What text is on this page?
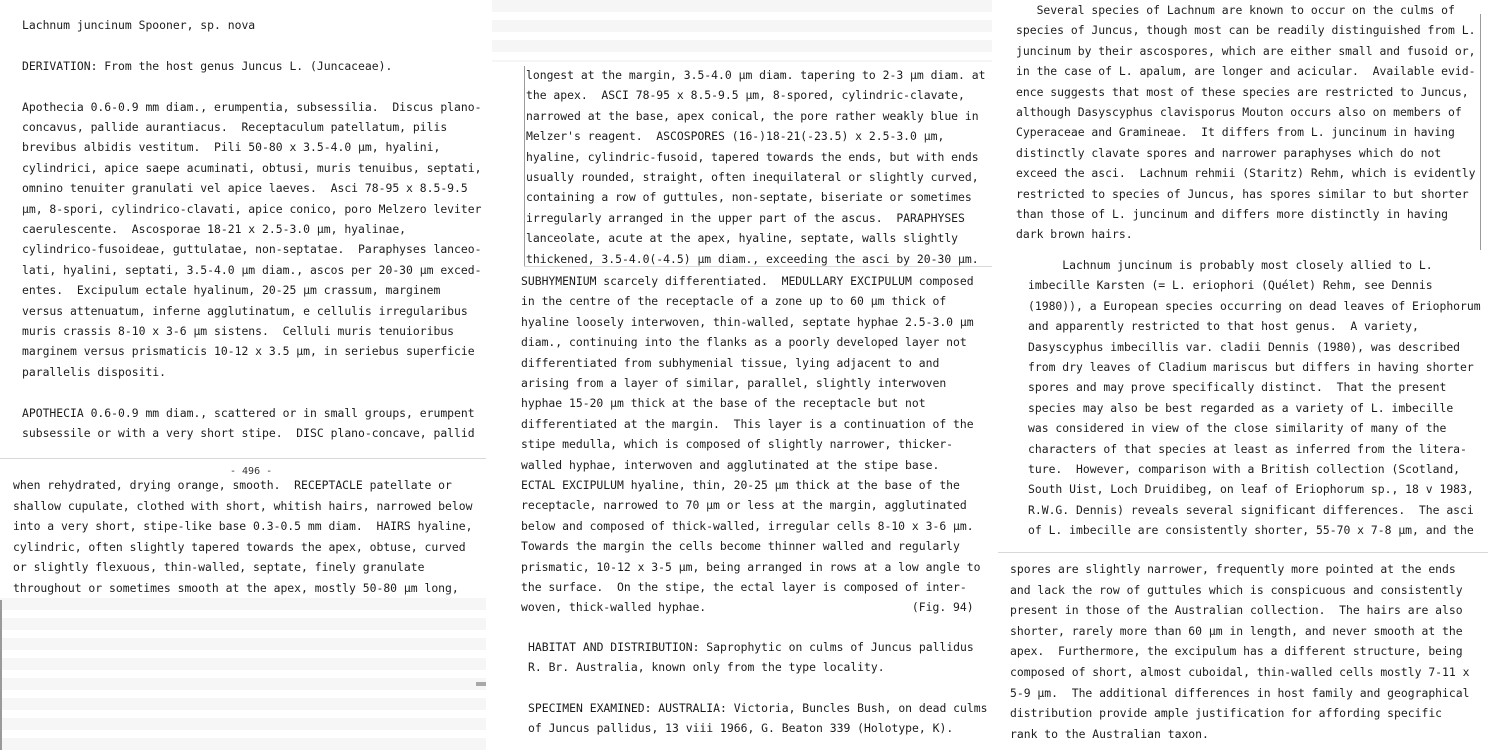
Lachnum juncinum Spooner, sp. nova
DERIVATION: From the host genus Juncus L. (Juncaceae).
Apothecia 0.6-0.9 mm diam., erumpentia, subsessilia.  Discus plano-
concavus, pallide aurantiacus.  Receptaculum patellatum, pilis
brevibus albidis vestitum.  Pili 50-80 x 3.5-4.0 μm, hyalini,
cylindrici, apice saepe acuminati, obtusi, muris tenuibus, septati,
omnino tenuiter granulati vel apice laeves.  Asci 78-95 x 8.5-9.5
μm, 8-spori, cylindrico-clavati, apice conico, poro Melzero leviter
caerulescente.  Ascosporae 18-21 x 2.5-3.0 μm, hyalinae,
cylindrico-fusoideae, guttulatae, non-septatae.  Paraphyses lanceo-
lati, hyalini, septati, 3.5-4.0 μm diam., ascos per 20-30 μm exced-
entes.  Excipulum ectale hyalinum, 20-25 μm crassum, marginem
versus attenuatum, inferne agglutinatum, e cellulis irregularibus
muris crassis 8-10 x 3-6 μm sistens.  Celluli muris tenuioribus
marginem versus prismaticis 10-12 x 3.5 μm, in seriebus superficie
parallelis dispositi.
APOTHECIA 0.6-0.9 mm diam., scattered or in small groups, erumpent
subsessile or with a very short stipe.  DISC plano-concave, pallid
- 496 -
when rehydrated, drying orange, smooth.  RECEPTACLE patellate or
shallow cupulate, clothed with short, whitish hairs, narrowed below
into a very short, stipe-like base 0.3-0.5 mm diam.  HAIRS hyaline,
cylindric, often slightly tapered towards the apex, obtuse, curved
or slightly flexuous, thin-walled, septate, finely granulate
throughout or sometimes smooth at the apex, mostly 50-80 μm long,
longest at the margin, 3.5-4.0 μm diam. tapering to 2-3 μm diam. at
the apex.  ASCI 78-95 x 8.5-9.5 μm, 8-spored, cylindric-clavate,
narrowed at the base, apex conical, the pore rather weakly blue in
Melzer's reagent.  ASCOSPORES (16-)18-21(-23.5) x 2.5-3.0 μm,
hyaline, cylindric-fusoid, tapered towards the ends, but with ends
usually rounded, straight, often inequilateral or slightly curved,
containing a row of guttules, non-septate, biseriate or sometimes
irregularly arranged in the upper part of the ascus.  PARAPHYSES
lanceolate, acute at the apex, hyaline, septate, walls slightly
thickened, 3.5-4.0(-4.5) μm diam., exceeding the asci by 20-30 μm.
SUBHYMENIUM scarcely differentiated.  MEDULLARY EXCIPULUM composed
in the centre of the receptacle of a zone up to 60 μm thick of
hyaline loosely interwoven, thin-walled, septate hyphae 2.5-3.0 μm
diam., continuing into the flanks as a poorly developed layer not
differentiated from subhymenial tissue, lying adjacent to and
arising from a layer of similar, parallel, slightly interwoven
hyphae 15-20 μm thick at the base of the receptacle but not
differentiated at the margin.  This layer is a continuation of the
stipe medulla, which is composed of slightly narrower, thicker-
walled hyphae, interwoven and agglutinated at the stipe base.
ECTAL EXCIPULUM hyaline, thin, 20-25 μm thick at the base of the
receptacle, narrowed to 70 μm or less at the margin, agglutinated
below and composed of thick-walled, irregular cells 8-10 x 3-6 μm.
Towards the margin the cells become thinner walled and regularly
prismatic, 10-12 x 3-5 μm, being arranged in rows at a low angle to
the surface.  On the stipe, the ectal layer is composed of inter-
woven, thick-walled hyphae.                              (Fig. 94)
HABITAT AND DISTRIBUTION: Saprophytic on culms of Juncus pallidus
R. Br. Australia, known only from the type locality.
SPECIMEN EXAMINED: AUSTRALIA: Victoria, Buncles Bush, on dead culms
of Juncus pallidus, 13 viii 1966, G. Beaton 339 (Holotype, K).
Several species of Lachnum are known to occur on the culms of
species of Juncus, though most can be readily distinguished from L.
juncinum by their ascospores, which are either small and fusoid or,
in the case of L. apalum, are longer and acicular.  Available evid-
ence suggests that most of these species are restricted to Juncus,
although Dasyscyphus clavisporus Mouton occurs also on members of
Cyperaceae and Gramineae.  It differs from L. juncinum in having
distinctly clavate spores and narrower paraphyses which do not
exceed the asci.  Lachnum rehmii (Staritz) Rehm, which is evidently
restricted to species of Juncus, has spores similar to but shorter
than those of L. juncinum and differs more distinctly in having
dark brown hairs.
Lachnum juncinum is probably most closely allied to L.
imbecille Karsten (= L. eriophori (Quélet) Rehm, see Dennis
(1980)), a European species occurring on dead leaves of Eriophorum
and apparently restricted to that host genus.  A variety,
Dasyscyphus imbecillis var. cladii Dennis (1980), was described
from dry leaves of Cladium mariscus but differs in having shorter
spores and may prove specifically distinct.  That the present
species may also be best regarded as a variety of L. imbecille
was considered in view of the close similarity of many of the
characters of that species at least as inferred from the litera-
ture.  However, comparison with a British collection (Scotland,
South Uist, Loch Druidibeg, on leaf of Eriophorum sp., 18 v 1983,
R.W.G. Dennis) reveals several significant differences.  The asci
of L. imbecille are consistently shorter, 55-70 x 7-8 μm, and the
spores are slightly narrower, frequently more pointed at the ends
and lack the row of guttules which is conspicuous and consistently
present in those of the Australian collection.  The hairs are also
shorter, rarely more than 60 μm in length, and never smooth at the
apex.  Furthermore, the excipulum has a different structure, being
composed of short, almost cuboidal, thin-walled cells mostly 7-11 x
5-9 μm.  The additional differences in host family and geographical
distribution provide ample justification for affording specific
rank to the Australian taxon.
